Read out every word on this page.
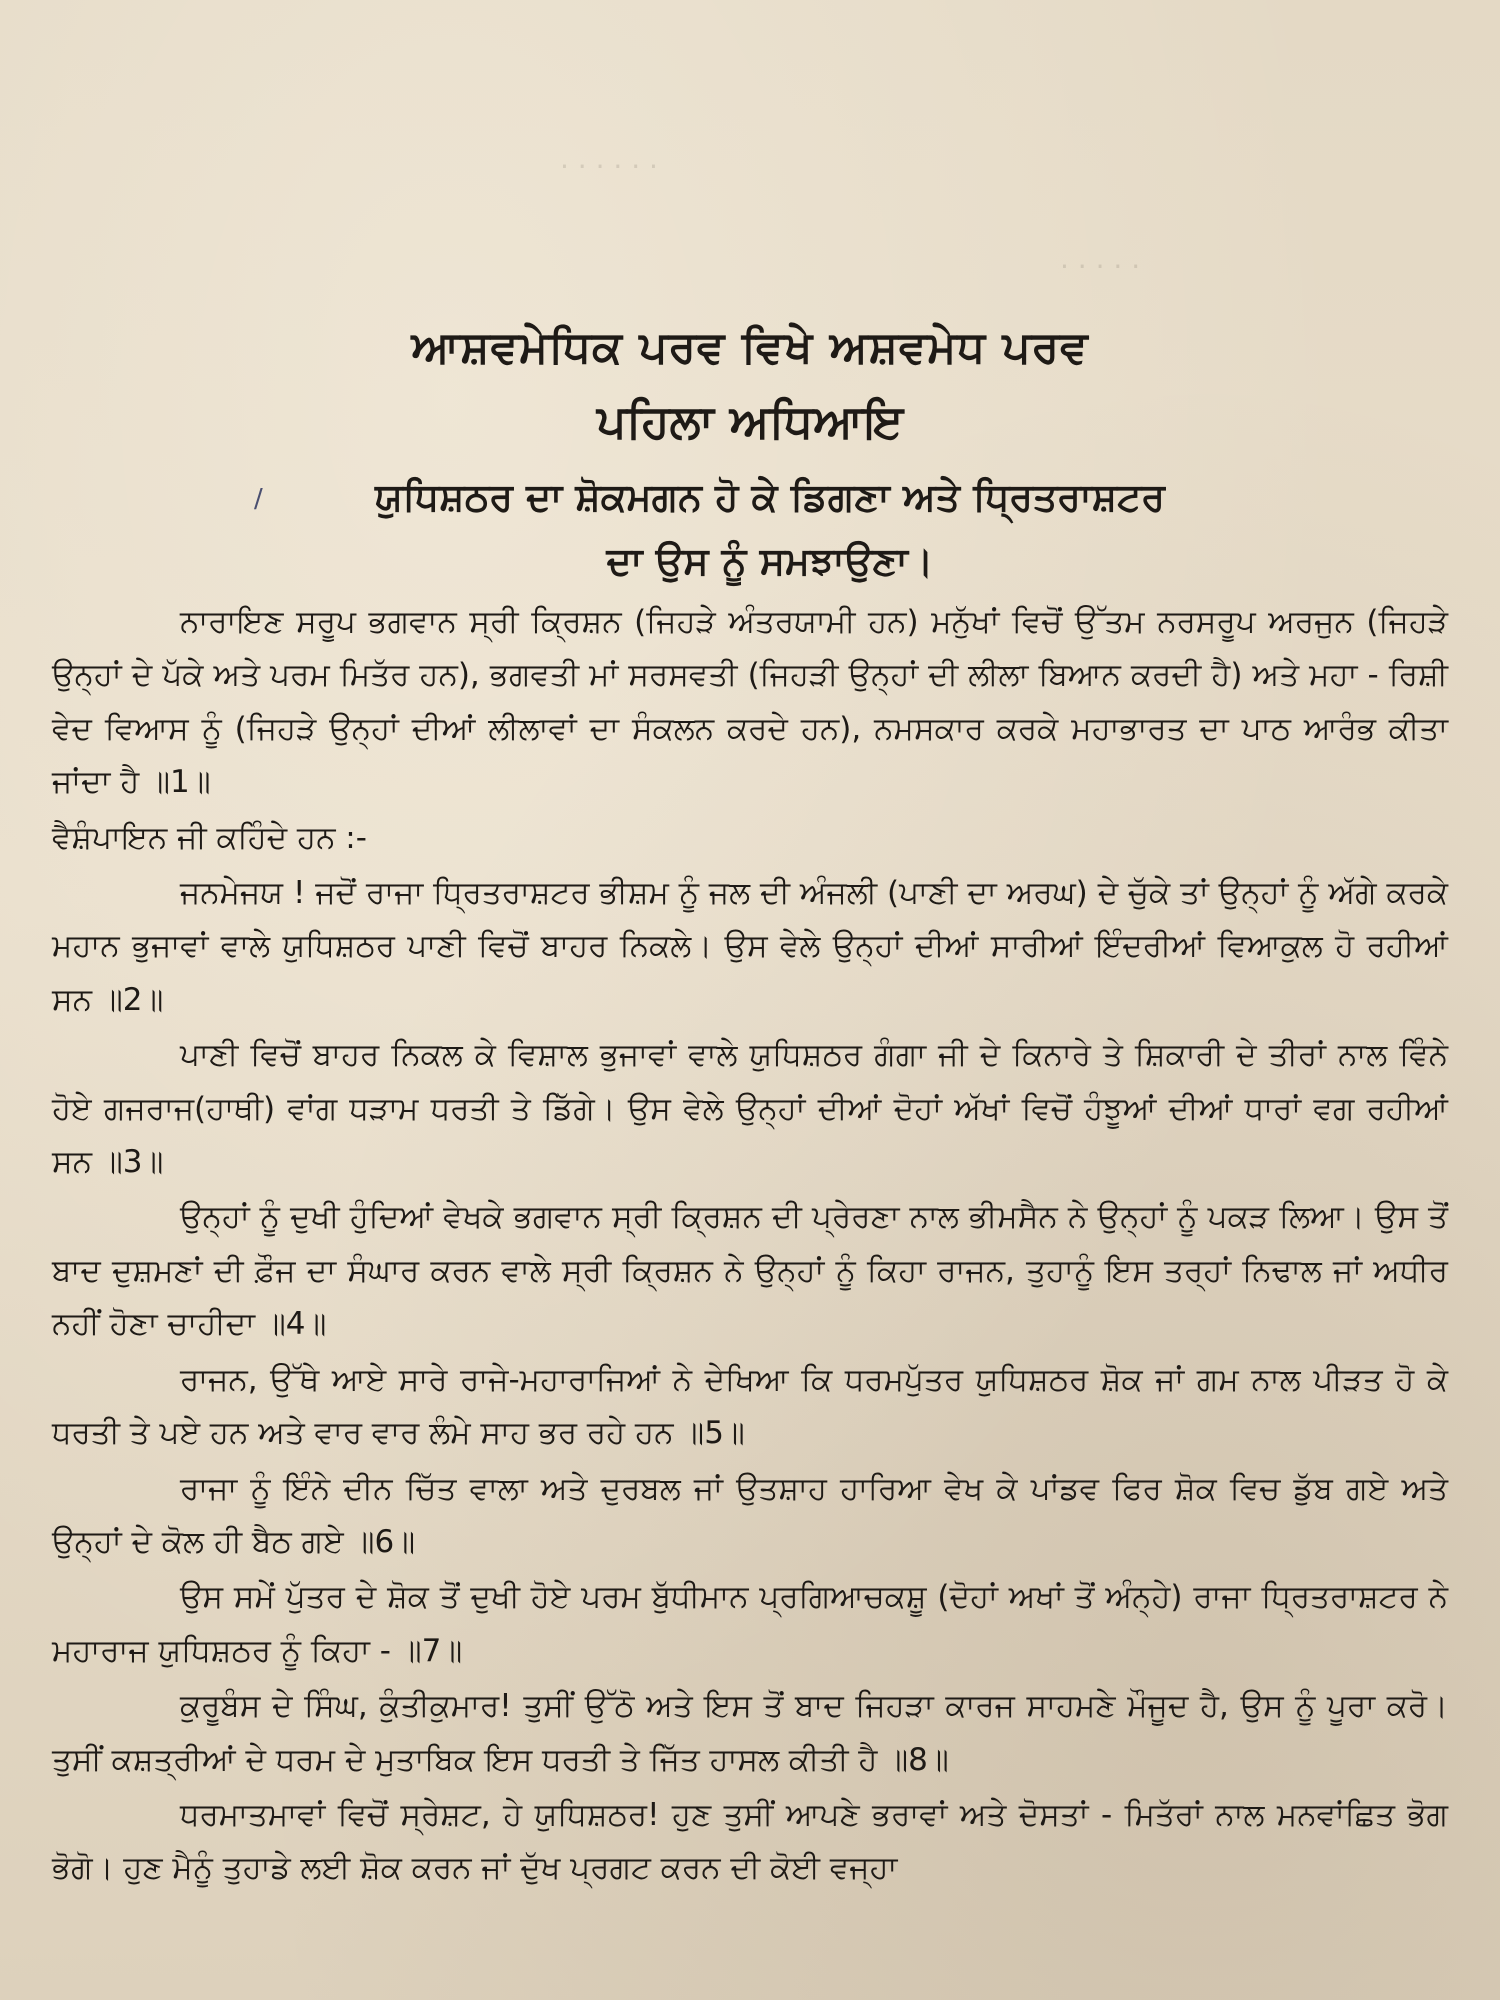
· · · · · ·
· · · · ·
ਆਸ਼ਵਮੇਧਿਕ ਪਰਵ ਵਿਖੇ ਅਸ਼ਵਮੇਧ ਪਰਵ
ਪਹਿਲਾ ਅਧਿਆਇ
/	ਯੁਧਿਸ਼ਠਰ ਦਾ ਸ਼ੋਕਮਗਨ ਹੋ ਕੇ ਡਿਗਣਾ ਅਤੇ ਧ੍ਰਿਤਰਾਸ਼ਟਰ
ਦਾ ਉਸ ਨੂੰ ਸਮਝਾਉਣਾ।

ਨਾਰਾਇਣ ਸਰੂਪ ਭਗਵਾਨ ਸ੍ਰੀ ਕ੍ਰਿਸ਼ਨ (ਜਿਹੜੇ ਅੰਤਰਯਾਮੀ ਹਨ) ਮਨੁੱਖਾਂ ਵਿਚੋਂ ਉੱਤਮ ਨਰਸਰੂਪ ਅਰਜੁਨ (ਜਿਹੜੇ ਉਨ੍ਹਾਂ ਦੇ ਪੱਕੇ ਅਤੇ ਪਰਮ ਮਿਤੱਰ ਹਨ), ਭਗਵਤੀ ਮਾਂ ਸਰਸਵਤੀ (ਜਿਹੜੀ ਉਨ੍ਹਾਂ ਦੀ ਲੀਲਾ ਬਿਆਨ ਕਰਦੀ ਹੈ) ਅਤੇ ਮਹਾ - ਰਿਸ਼ੀ ਵੇਦ ਵਿਆਸ ਨੂੰ (ਜਿਹੜੇ ਉਨ੍ਹਾਂ ਦੀਆਂ ਲੀਲਾਵਾਂ ਦਾ ਸੰਕਲਨ ਕਰਦੇ ਹਨ), ਨਮਸਕਾਰ ਕਰਕੇ ਮਹਾਭਾਰਤ ਦਾ ਪਾਠ ਆਰੰਭ ਕੀਤਾ ਜਾਂਦਾ ਹੈ ॥1॥

ਵੈਸ਼ੰਪਾਇਨ ਜੀ ਕਹਿੰਦੇ ਹਨ :-

ਜਨਮੇਜਯ ! ਜਦੋਂ ਰਾਜਾ ਧ੍ਰਿਤਰਾਸ਼ਟਰ ਭੀਸ਼ਮ ਨੂੰ ਜਲ ਦੀ ਅੰਜਲੀ (ਪਾਣੀ ਦਾ ਅਰਘ) ਦੇ ਚੁੱਕੇ ਤਾਂ ਉਨ੍ਹਾਂ ਨੂੰ ਅੱਗੇ ਕਰਕੇ ਮਹਾਨ ਭੁਜਾਵਾਂ ਵਾਲੇ ਯੁਧਿਸ਼ਠਰ ਪਾਣੀ ਵਿਚੋਂ ਬਾਹਰ ਨਿਕਲੇ। ਉਸ ਵੇਲੇ ਉਨ੍ਹਾਂ ਦੀਆਂ ਸਾਰੀਆਂ ਇੰਦਰੀਆਂ ਵਿਆਕੁਲ ਹੋ ਰਹੀਆਂ ਸਨ ॥2॥

ਪਾਣੀ ਵਿਚੋਂ ਬਾਹਰ ਨਿਕਲ ਕੇ ਵਿਸ਼ਾਲ ਭੁਜਾਵਾਂ ਵਾਲੇ ਯੁਧਿਸ਼ਠਰ ਗੰਗਾ ਜੀ ਦੇ ਕਿਨਾਰੇ ਤੇ ਸ਼ਿਕਾਰੀ ਦੇ ਤੀਰਾਂ ਨਾਲ ਵਿੰਨੇ ਹੋਏ ਗਜਰਾਜ(ਹਾਥੀ) ਵਾਂਗ ਧੜਾਮ ਧਰਤੀ ਤੇ ਡਿੱਗੇ। ਉਸ ਵੇਲੇ ਉਨ੍ਹਾਂ ਦੀਆਂ ਦੋਹਾਂ ਅੱਖਾਂ ਵਿਚੋਂ ਹੰਝੂਆਂ ਦੀਆਂ ਧਾਰਾਂ ਵਗ ਰਹੀਆਂ ਸਨ ॥3॥

ਉਨ੍ਹਾਂ ਨੂੰ ਦੁਖੀ ਹੁੰਦਿਆਂ ਵੇਖਕੇ ਭਗਵਾਨ ਸ੍ਰੀ ਕ੍ਰਿਸ਼ਨ ਦੀ ਪ੍ਰੇਰਣਾ ਨਾਲ ਭੀਮਸੈਨ ਨੇ ਉਨ੍ਹਾਂ ਨੂੰ ਪਕੜ ਲਿਆ। ਉਸ ਤੋਂ ਬਾਦ ਦੁਸ਼ਮਣਾਂ ਦੀ ਫ਼ੌਜ ਦਾ ਸੰਘਾਰ ਕਰਨ ਵਾਲੇ ਸ੍ਰੀ ਕ੍ਰਿਸ਼ਨ ਨੇ ਉਨ੍ਹਾਂ ਨੂੰ ਕਿਹਾ ਰਾਜਨ, ਤੁਹਾਨੂੰ ਇਸ ਤਰ੍ਹਾਂ ਨਿਢਾਲ ਜਾਂ ਅਧੀਰ ਨਹੀਂ ਹੋਣਾ ਚਾਹੀਦਾ ॥4॥

ਰਾਜਨ, ਉੱਥੇ ਆਏ ਸਾਰੇ ਰਾਜੇ-ਮਹਾਰਾਜਿਆਂ ਨੇ ਦੇਖਿਆ ਕਿ ਧਰਮਪੁੱਤਰ ਯੁਧਿਸ਼ਠਰ ਸ਼ੋਕ ਜਾਂ ਗਮ ਨਾਲ ਪੀੜਤ ਹੋ ਕੇ ਧਰਤੀ ਤੇ ਪਏ ਹਨ ਅਤੇ ਵਾਰ ਵਾਰ ਲੰਮੇ ਸਾਹ ਭਰ ਰਹੇ ਹਨ ॥5॥

ਰਾਜਾ ਨੂੰ ਇੰਨੇ ਦੀਨ ਚਿੱਤ ਵਾਲਾ ਅਤੇ ਦੁਰਬਲ ਜਾਂ ਉਤਸ਼ਾਹ ਹਾਰਿਆ ਵੇਖ ਕੇ ਪਾਂਡਵ ਫਿਰ ਸ਼ੋਕ ਵਿਚ ਡੁੱਬ ਗਏ ਅਤੇ ਉਨ੍ਹਾਂ ਦੇ ਕੋਲ ਹੀ ਬੈਠ ਗਏ ॥6॥

ਉਸ ਸਮੇਂ ਪੁੱਤਰ ਦੇ ਸ਼ੋਕ ਤੋਂ ਦੁਖੀ ਹੋਏ ਪਰਮ ਬੁੱਧੀਮਾਨ ਪ੍ਰਗਿਆਚਕਸ਼ੂ (ਦੋਹਾਂ ਅਖਾਂ ਤੋਂ ਅੰਨ੍ਹੇ) ਰਾਜਾ ਧ੍ਰਿਤਰਾਸ਼ਟਰ ਨੇ ਮਹਾਰਾਜ ਯੁਧਿਸ਼ਠਰ ਨੂੰ ਕਿਹਾ - ॥7॥

ਕੁਰੂਬੰਸ ਦੇ ਸਿੰਘ, ਕੁੰਤੀਕੁਮਾਰ! ਤੁਸੀਂ ਉੱਠੋ ਅਤੇ ਇਸ ਤੋਂ ਬਾਦ ਜਿਹੜਾ ਕਾਰਜ ਸਾਹਮਣੇ ਮੌਜੂਦ ਹੈ, ਉਸ ਨੂੰ ਪੂਰਾ ਕਰੋ। ਤੁਸੀਂ ਕਸ਼ਤ੍ਰੀਆਂ ਦੇ ਧਰਮ ਦੇ ਮੁਤਾਬਿਕ ਇਸ ਧਰਤੀ ਤੇ ਜਿੱਤ ਹਾਸਲ ਕੀਤੀ ਹੈ ॥8॥

ਧਰਮਾਤਮਾਵਾਂ ਵਿਚੋਂ ਸ੍ਰੇਸ਼ਟ, ਹੇ ਯੁਧਿਸ਼ਠਰ! ਹੁਣ ਤੁਸੀਂ ਆਪਣੇ ਭਰਾਵਾਂ ਅਤੇ ਦੋਸਤਾਂ - ਮਿਤੱਰਾਂ ਨਾਲ ਮਨਵਾਂਛਿਤ ਭੋਗ ਭੋਗੋ। ਹੁਣ ਮੈਨੂੰ ਤੁਹਾਡੇ ਲਈ ਸ਼ੋਕ ਕਰਨ ਜਾਂ ਦੁੱਖ ਪ੍ਰਗਟ ਕਰਨ ਦੀ ਕੋਈ ਵਜ੍ਹਾ
